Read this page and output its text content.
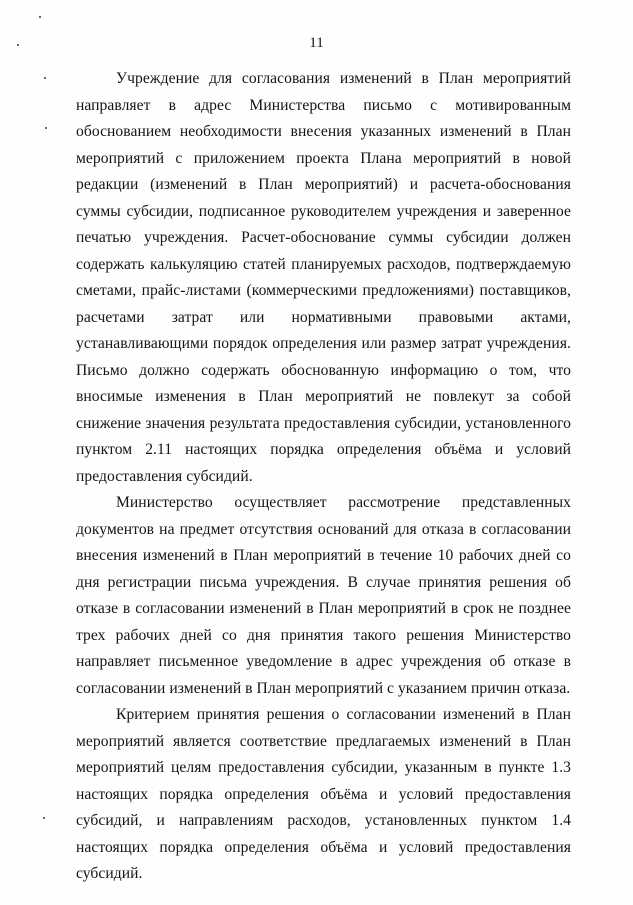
11

Учреждение для согласования изменений в План мероприятий направляет в адрес Министерства письмо с мотивированным обоснованием необходимости внесения указанных изменений в План мероприятий с приложением проекта Плана мероприятий в новой редакции (изменений в План мероприятий) и расчета-обоснования суммы субсидии, подписанное руководителем учреждения и заверенное печатью учреждения. Расчет-обоснование суммы субсидии должен содержать калькуляцию статей планируемых расходов, подтверждаемую сметами, прайс-листами (коммерческими предложениями) поставщиков, расчетами затрат или нормативными правовыми актами, устанавливающими порядок определения или размер затрат учреждения. Письмо должно содержать обоснованную информацию о том, что вносимые изменения в План мероприятий не повлекут за собой снижение значения результата предоставления субсидии, установленного пунктом 2.11 настоящих порядка определения объёма и условий предоставления субсидий.

Министерство осуществляет рассмотрение представленных документов на предмет отсутствия оснований для отказа в согласовании внесения изменений в План мероприятий в течение 10 рабочих дней со дня регистрации письма учреждения. В случае принятия решения об отказе в согласовании изменений в План мероприятий в срок не позднее трех рабочих дней со дня принятия такого решения Министерство направляет письменное уведомление в адрес учреждения об отказе в согласовании изменений в План мероприятий с указанием причин отказа.

Критерием принятия решения о согласовании изменений в План мероприятий является соответствие предлагаемых изменений в План мероприятий целям предоставления субсидии, указанным в пункте 1.3 настоящих порядка определения объёма и условий предоставления субсидий, и направлениям расходов, установленных пунктом 1.4 настоящих порядка определения объёма и условий предоставления субсидий.
